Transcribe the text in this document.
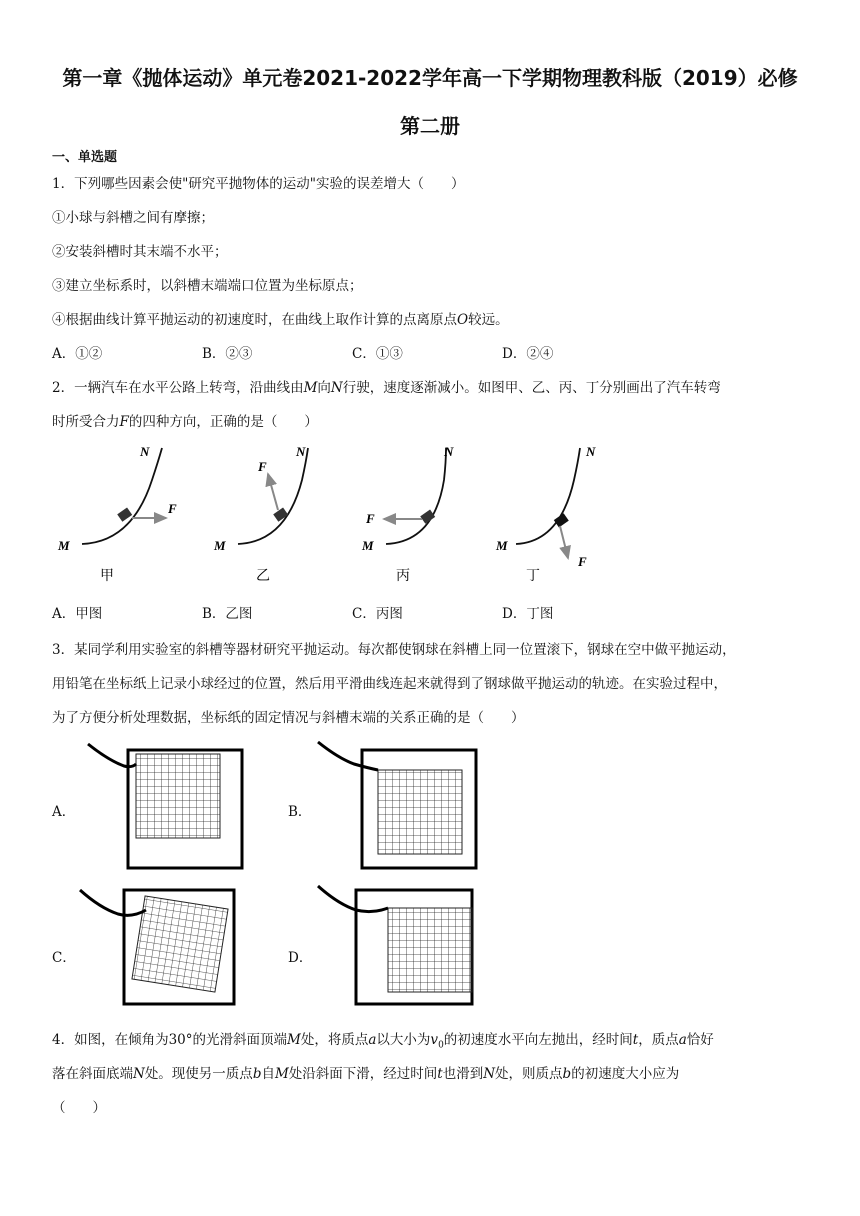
第一章《抛体运动》单元卷2021-2022学年高一下学期物理教科版（2019）必修
第二册
一、单选题
1．下列哪些因素会使"研究平抛物体的运动"实验的误差增大（　　）
①小球与斜槽之间有摩擦；
②安装斜槽时其末端不水平；
③建立坐标系时，以斜槽末端端口位置为坐标原点；
④根据曲线计算平抛运动的初速度时，在曲线上取作计算的点离原点O较远。
A．①②	B．②③	C．①③	D．②④
2．一辆汽车在水平公路上转弯，沿曲线由M向N行驶，速度逐渐减小。如图甲、乙、丙、丁分别画出了汽车转弯
时所受合力F的四种方向，正确的是（　　）
F
N
M
甲
F
N
M
乙
F
N
M
丙
F
N
M
丁
A．甲图	B．乙图	C．丙图	D．丁图
3．某同学利用实验室的斜槽等器材研究平抛运动。每次都使钢球在斜槽上同一位置滚下，钢球在空中做平抛运动，
用铅笔在坐标纸上记录小球经过的位置，然后用平滑曲线连起来就得到了钢球做平抛运动的轨迹。在实验过程中，
为了方便分析处理数据，坐标纸的固定情况与斜槽末端的关系正确的是（　　）
A．	B．
C．	D．
4．如图，在倾角为30°的光滑斜面顶端M处，将质点a以大小为$v_0$的初速度水平向左抛出，经时间t，质点a恰好
落在斜面底端N处。现使另一质点b自M处沿斜面下滑，经过时间t也滑到N处，则质点b的初速度大小应为
（　　）
